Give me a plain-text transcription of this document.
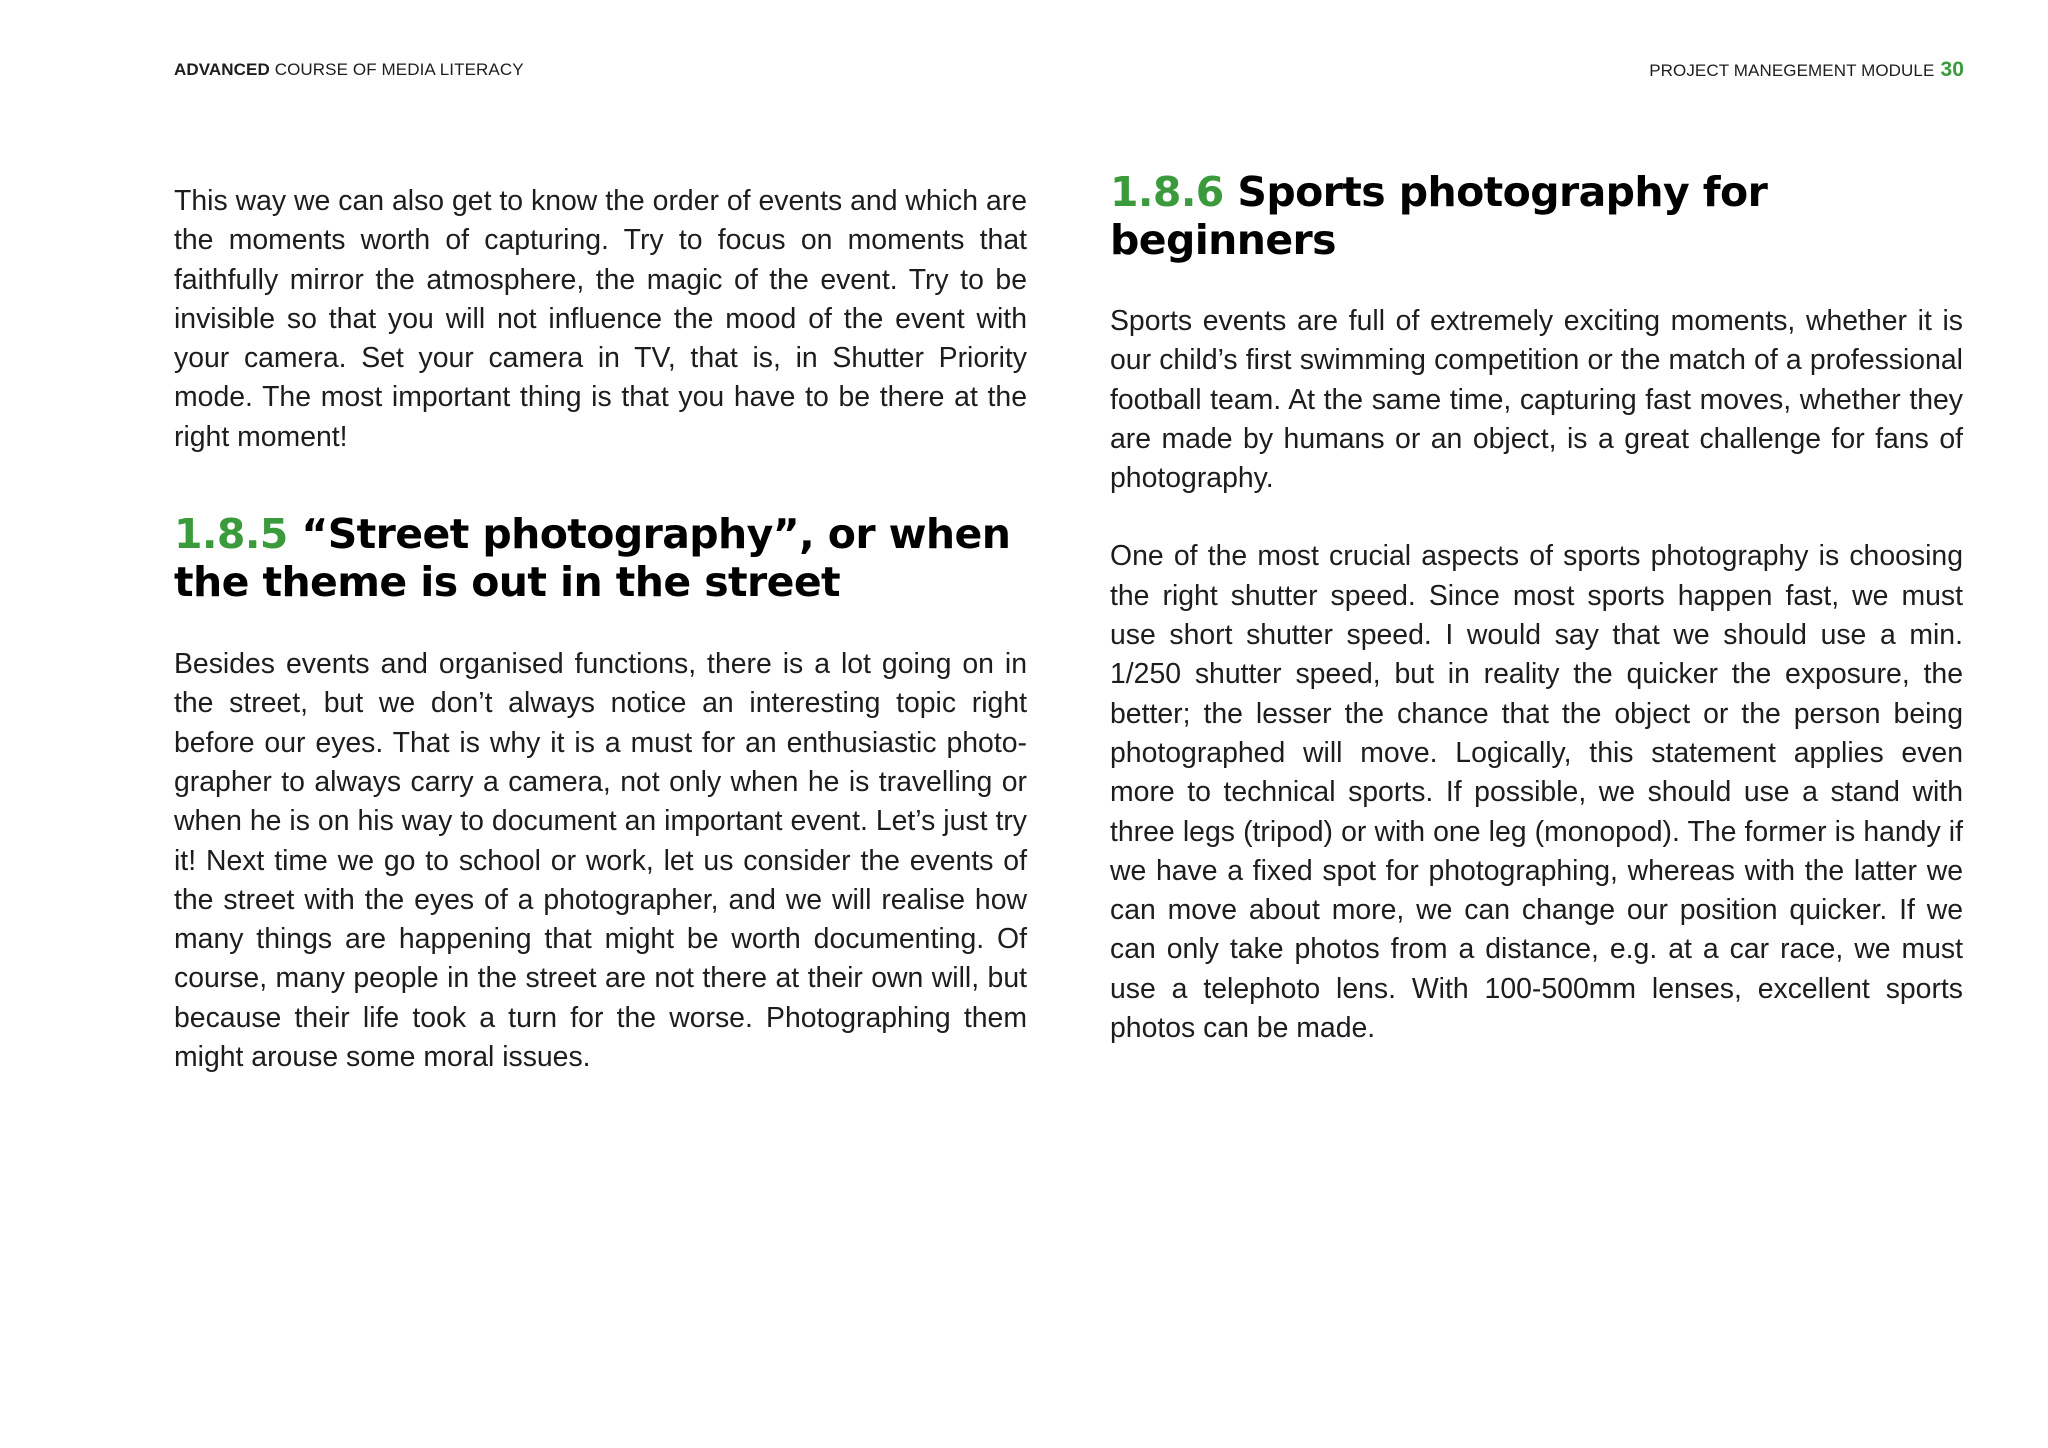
ADVANCED COURSE OF MEDIA LITERACY	PROJECT MANEGEMENT MODULE 30

This way we can also get to know the order of events and which are the moments worth of capturing. Try to focus on moments that faithfully mirror the atmosphere, the magic of the event. Try to be invisible so that you will not influence the mood of the event with your camera. Set your camera in TV, that is, in Shutter Priority mode. The most important thing is that you have to be there at the right moment!

1.8.5 “Street photography”, or when the theme is out in the street

Besides events and organised functions, there is a lot going on in the street, but we don’t always notice an interesting topic right before our eyes. That is why it is a must for an enthusiastic photographer to always carry a camera, not only when he is travelling or when he is on his way to document an important event. Let’s just try it! Next time we go to school or work, let us consider the events of the street with the eyes of a photographer, and we will realise how many things are happening that might be worth documenting. Of course, many people in the street are not there at their own will, but because their life took a turn for the worse. Photographing them might arouse some moral issues.

1.8.6 Sports photography for beginners

Sports events are full of extremely exciting moments, whether it is our child’s first swimming competition or the match of a professional football team. At the same time, capturing fast moves, whether they are made by humans or an object, is a great challenge for fans of photography.

One of the most crucial aspects of sports photography is choosing the right shutter speed. Since most sports happen fast, we must use short shutter speed. I would say that we should use a min. 1/250 shutter speed, but in reality the quicker the exposure, the better; the lesser the chance that the object or the person being photographed will move. Logically, this statement applies even more to technical sports. If possible, we should use a stand with three legs (tripod) or with one leg (monopod). The former is handy if we have a fixed spot for photographing, whereas with the latter we can move about more, we can change our position quicker. If we can only take photos from a distance, e.g. at a car race, we must use a telephoto lens. With 100-500mm lenses, excellent sports photos can be made.
